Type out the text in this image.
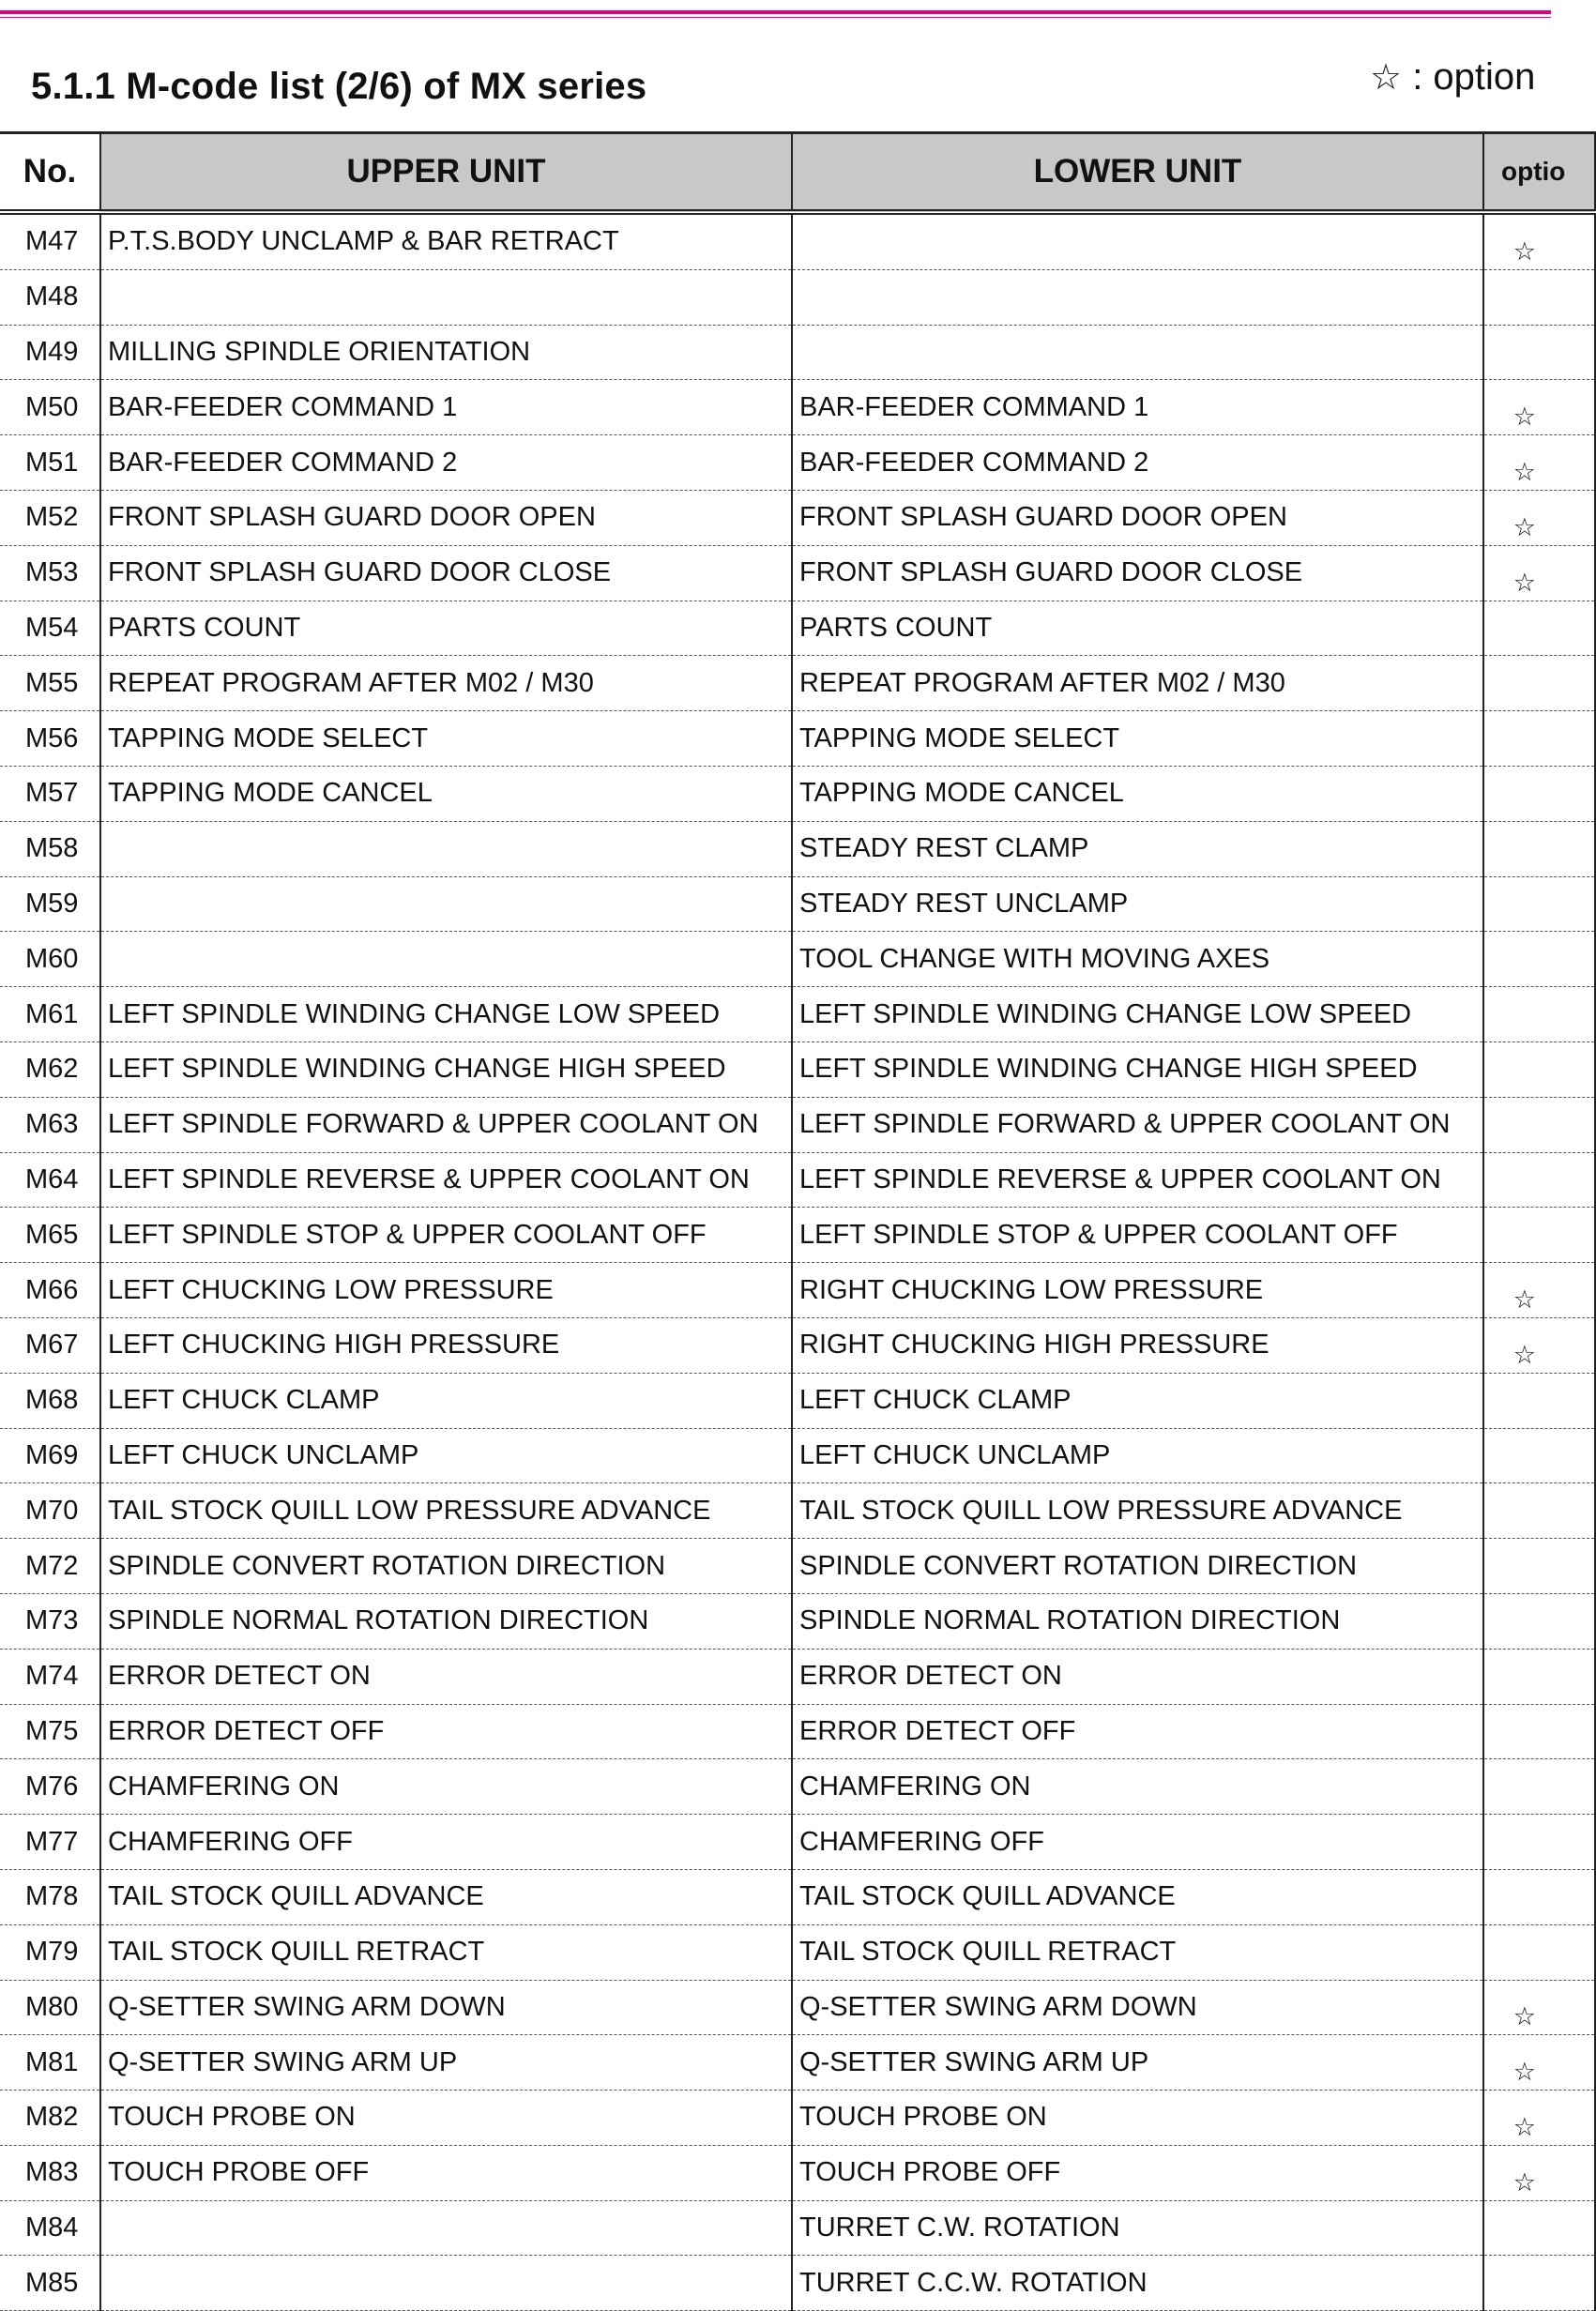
5.1.1 M-code list (2/6) of MX series	☆ : option
No.	UPPER UNIT	LOWER UNIT	optio
M47	P.T.S.BODY UNCLAMP & BAR RETRACT		☆
M48			
M49	MILLING SPINDLE ORIENTATION		
M50	BAR-FEEDER COMMAND 1	BAR-FEEDER COMMAND 1	☆
M51	BAR-FEEDER COMMAND 2	BAR-FEEDER COMMAND 2	☆
M52	FRONT SPLASH GUARD DOOR OPEN	FRONT SPLASH GUARD DOOR OPEN	☆
M53	FRONT SPLASH GUARD DOOR CLOSE	FRONT SPLASH GUARD DOOR CLOSE	☆
M54	PARTS COUNT	PARTS COUNT	
M55	REPEAT PROGRAM AFTER M02 / M30	REPEAT PROGRAM AFTER M02 / M30	
M56	TAPPING MODE SELECT	TAPPING MODE SELECT	
M57	TAPPING MODE CANCEL	TAPPING MODE CANCEL	
M58		STEADY REST CLAMP	
M59		STEADY REST UNCLAMP	
M60		TOOL CHANGE WITH MOVING AXES	
M61	LEFT SPINDLE WINDING CHANGE LOW SPEED	LEFT SPINDLE WINDING CHANGE LOW SPEED	
M62	LEFT SPINDLE WINDING CHANGE HIGH SPEED	LEFT SPINDLE WINDING CHANGE HIGH SPEED	
M63	LEFT SPINDLE FORWARD & UPPER COOLANT ON	LEFT SPINDLE FORWARD & UPPER COOLANT ON	
M64	LEFT SPINDLE REVERSE & UPPER COOLANT ON	LEFT SPINDLE REVERSE & UPPER COOLANT ON	
M65	LEFT SPINDLE STOP & UPPER COOLANT OFF	LEFT SPINDLE STOP & UPPER COOLANT OFF	
M66	LEFT CHUCKING LOW PRESSURE	RIGHT CHUCKING LOW PRESSURE	☆
M67	LEFT CHUCKING HIGH PRESSURE	RIGHT CHUCKING HIGH PRESSURE	☆
M68	LEFT CHUCK CLAMP	LEFT CHUCK CLAMP	
M69	LEFT CHUCK UNCLAMP	LEFT CHUCK UNCLAMP	
M70	TAIL STOCK QUILL LOW PRESSURE ADVANCE	TAIL STOCK QUILL LOW PRESSURE ADVANCE	
M72	SPINDLE CONVERT ROTATION DIRECTION	SPINDLE CONVERT ROTATION DIRECTION	
M73	SPINDLE NORMAL ROTATION DIRECTION	SPINDLE NORMAL ROTATION DIRECTION	
M74	ERROR DETECT ON	ERROR DETECT ON	
M75	ERROR DETECT OFF	ERROR DETECT OFF	
M76	CHAMFERING ON	CHAMFERING ON	
M77	CHAMFERING OFF	CHAMFERING OFF	
M78	TAIL STOCK QUILL ADVANCE	TAIL STOCK QUILL ADVANCE	
M79	TAIL STOCK QUILL RETRACT	TAIL STOCK QUILL RETRACT	
M80	Q-SETTER SWING ARM DOWN	Q-SETTER SWING ARM DOWN	☆
M81	Q-SETTER SWING ARM UP	Q-SETTER SWING ARM UP	☆
M82	TOUCH PROBE ON	TOUCH PROBE ON	☆
M83	TOUCH PROBE OFF	TOUCH PROBE OFF	☆
M84		TURRET C.W. ROTATION	
M85		TURRET C.C.W. ROTATION	
